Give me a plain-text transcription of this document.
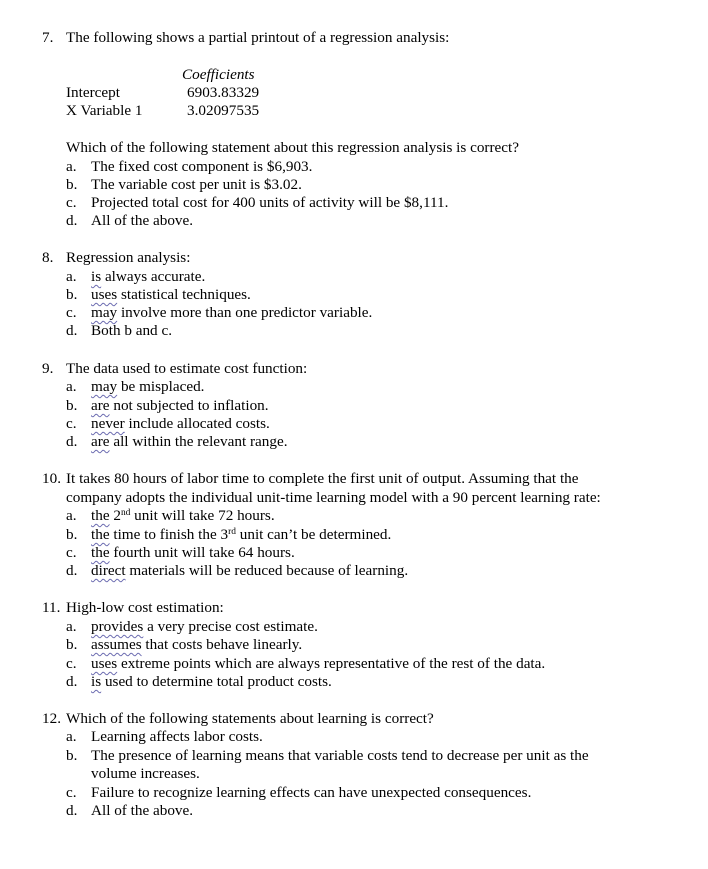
7. The following shows a partial printout of a regression analysis:
Coefficients
Intercept	6903.83329
X Variable 1	3.02097535
Which of the following statement about this regression analysis is correct?
a. The fixed cost component is $6,903.
b. The variable cost per unit is $3.02.
c. Projected total cost for 400 units of activity will be $8,111.
d. All of the above.
8. Regression analysis:
a. is always accurate.
b. uses statistical techniques.
c. may involve more than one predictor variable.
d. Both b and c.
9. The data used to estimate cost function:
a. may be misplaced.
b. are not subjected to inflation.
c. never include allocated costs.
d. are all within the relevant range.
10. It takes 80 hours of labor time to complete the first unit of output. Assuming that the
company adopts the individual unit-time learning model with a 90 percent learning rate:
a. the 2nd unit will take 72 hours.
b. the time to finish the 3rd unit can’t be determined.
c. the fourth unit will take 64 hours.
d. direct materials will be reduced because of learning.
11. High-low cost estimation:
a. provides a very precise cost estimate.
b. assumes that costs behave linearly.
c. uses extreme points which are always representative of the rest of the data.
d. is used to determine total product costs.
12. Which of the following statements about learning is correct?
a. Learning affects labor costs.
b. The presence of learning means that variable costs tend to decrease per unit as the
volume increases.
c. Failure to recognize learning effects can have unexpected consequences.
d. All of the above.
